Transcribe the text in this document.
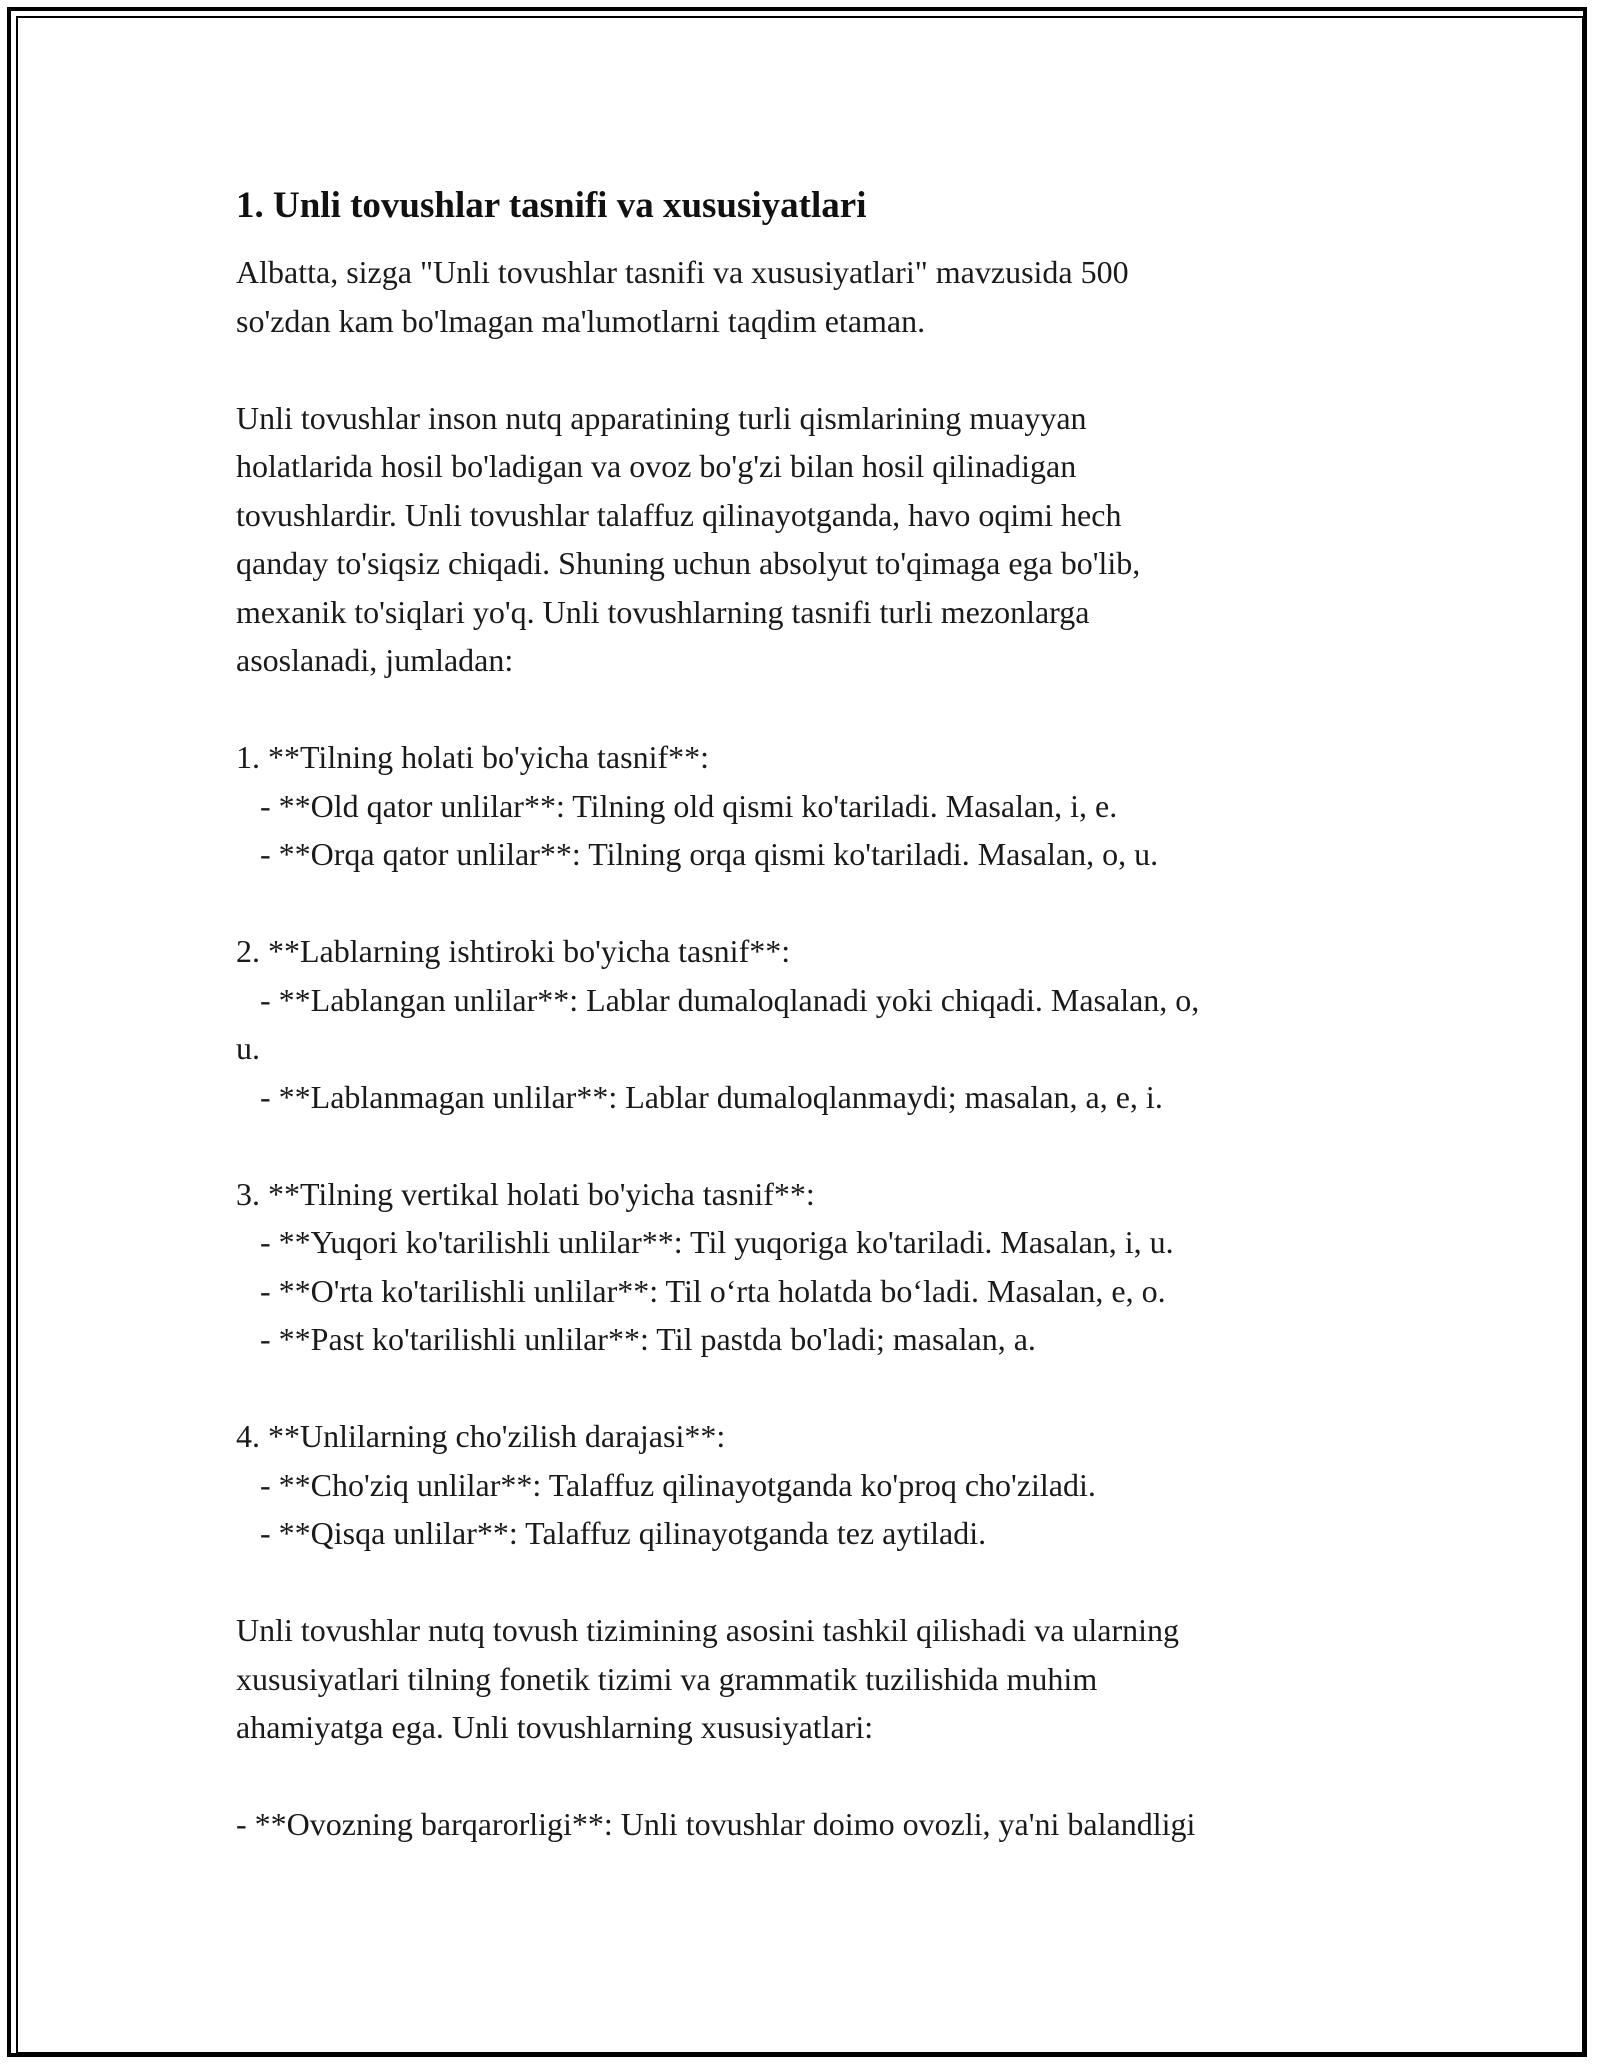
1. Unli tovushlar tasnifi va xususiyatlari

Albatta, sizga "Unli tovushlar tasnifi va xususiyatlari" mavzusida 500
so'zdan kam bo'lmagan ma'lumotlarni taqdim etaman.

Unli tovushlar inson nutq apparatining turli qismlarining muayyan
holatlarida hosil bo'ladigan va ovoz bo'g'zi bilan hosil qilinadigan
tovushlardir. Unli tovushlar talaffuz qilinayotganda, havo oqimi hech
qanday to'siqsiz chiqadi. Shuning uchun absolyut to'qimaga ega bo'lib,
mexanik to'siqlari yo'q. Unli tovushlarning tasnifi turli mezonlarga
asoslanadi, jumladan:

1. **Tilning holati bo'yicha tasnif**:
- **Old qator unlilar**: Tilning old qismi ko'tariladi. Masalan, i, e.
- **Orqa qator unlilar**: Tilning orqa qismi ko'tariladi. Masalan, o, u.

2. **Lablarning ishtiroki bo'yicha tasnif**:
- **Lablangan unlilar**: Lablar dumaloqlanadi yoki chiqadi. Masalan, o,
u.
- **Lablanmagan unlilar**: Lablar dumaloqlanmaydi; masalan, a, e, i.

3. **Tilning vertikal holati bo'yicha tasnif**:
- **Yuqori ko'tarilishli unlilar**: Til yuqoriga ko'tariladi. Masalan, i, u.
- **O'rta ko'tarilishli unlilar**: Til o‘rta holatda bo‘ladi. Masalan, e, o.
- **Past ko'tarilishli unlilar**: Til pastda bo'ladi; masalan, a.

4. **Unlilarning cho'zilish darajasi**:
- **Cho'ziq unlilar**: Talaffuz qilinayotganda ko'proq cho'ziladi.
- **Qisqa unlilar**: Talaffuz qilinayotganda tez aytiladi.

Unli tovushlar nutq tovush tizimining asosini tashkil qilishadi va ularning
xususiyatlari tilning fonetik tizimi va grammatik tuzilishida muhim
ahamiyatga ega. Unli tovushlarning xususiyatlari:

- **Ovozning barqarorligi**: Unli tovushlar doimo ovozli, ya'ni balandligi
